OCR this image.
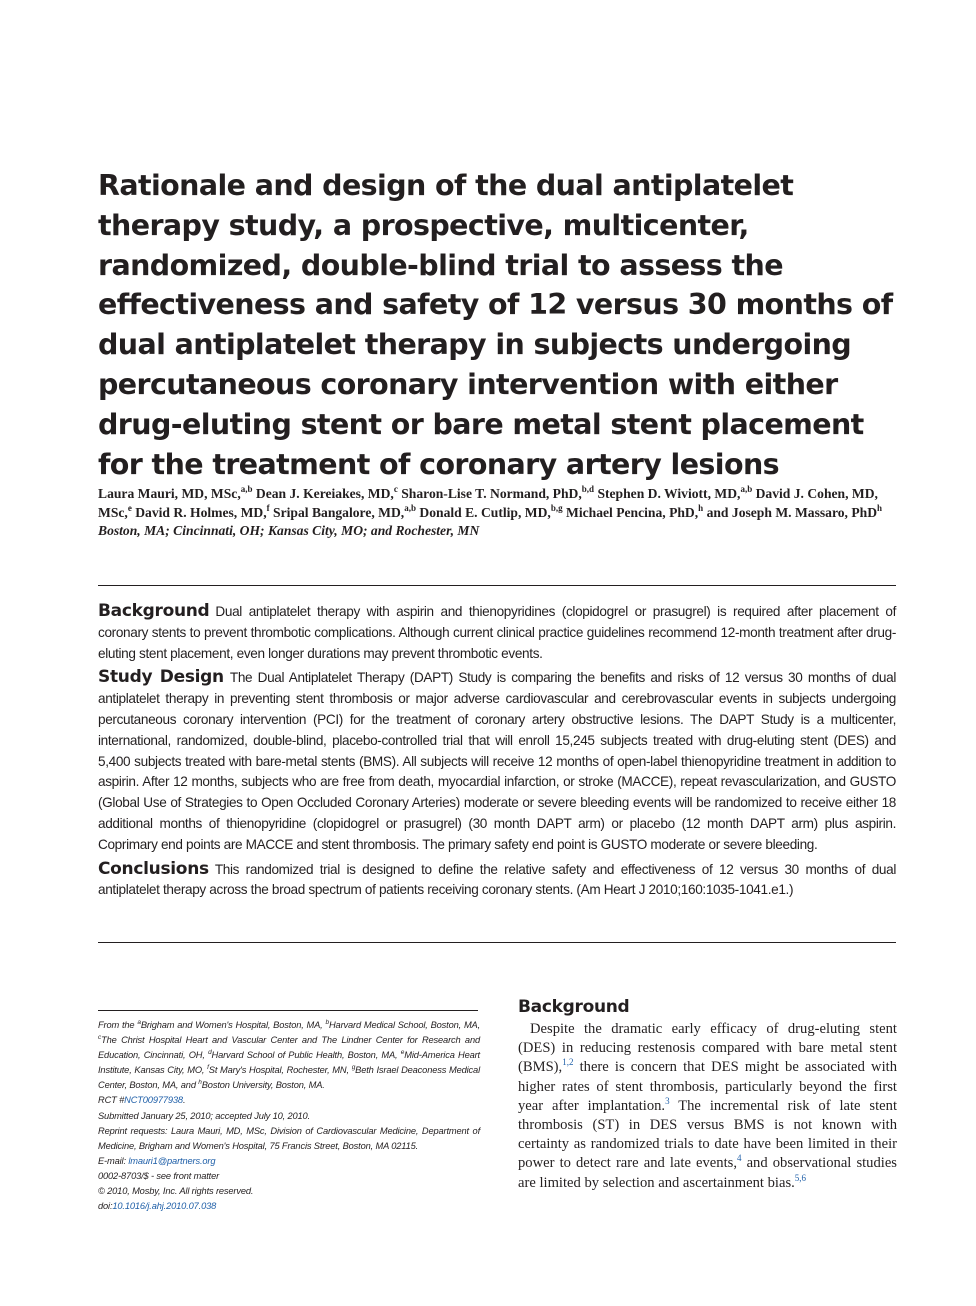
Rationale and design of the dual antiplatelet therapy study, a prospective, multicenter, randomized, double-blind trial to assess the effectiveness and safety of 12 versus 30 months of dual antiplatelet therapy in subjects undergoing percutaneous coronary intervention with either drug-eluting stent or bare metal stent placement for the treatment of coronary artery lesions
Laura Mauri, MD, MSc,$^{a,b}$ Dean J. Kereiakes, MD,$^c$ Sharon-Lise T. Normand, PhD,$^{b,d}$ Stephen D. Wiviott, MD,$^{a,b}$ David J. Cohen, MD, MSc,$^e$ David R. Holmes, MD,$^f$ Sripal Bangalore, MD,$^{a,b}$ Donald E. Cutlip, MD,$^{b,g}$ Michael Pencina, PhD,$^h$ and Joseph M. Massaro, PhD$^h$ Boston, MA; Cincinnati, OH; Kansas City, MO; and Rochester, MN

Background Dual antiplatelet therapy with aspirin and thienopyridines (clopidogrel or prasugrel) is required after placement of coronary stents to prevent thrombotic complications. Although current clinical practice guidelines recommend 12-month treatment after drug-eluting stent placement, even longer durations may prevent thrombotic events.

Study Design The Dual Antiplatelet Therapy (DAPT) Study is comparing the benefits and risks of 12 versus 30 months of dual antiplatelet therapy in preventing stent thrombosis or major adverse cardiovascular and cerebrovascular events in subjects undergoing percutaneous coronary intervention (PCI) for the treatment of coronary artery obstructive lesions. The DAPT Study is a multicenter, international, randomized, double-blind, placebo-controlled trial that will enroll 15,245 subjects treated with drug-eluting stent (DES) and 5,400 subjects treated with bare-metal stents (BMS). All subjects will receive 12 months of open-label thienopyridine treatment in addition to aspirin. After 12 months, subjects who are free from death, myocardial infarction, or stroke (MACCE), repeat revascularization, and GUSTO (Global Use of Strategies to Open Occluded Coronary Arteries) moderate or severe bleeding events will be randomized to receive either 18 additional months of thienopyridine (clopidogrel or prasugrel) (30 month DAPT arm) or placebo (12 month DAPT arm) plus aspirin. Coprimary end points are MACCE and stent thrombosis. The primary safety end point is GUSTO moderate or severe bleeding.

Conclusions This randomized trial is designed to define the relative safety and effectiveness of 12 versus 30 months of dual antiplatelet therapy across the broad spectrum of patients receiving coronary stents. (Am Heart J 2010;160:1035-1041.e1.)

From the $^a$Brigham and Women's Hospital, Boston, MA, $^b$Harvard Medical School, Boston, MA, $^c$The Christ Hospital Heart and Vascular Center and The Lindner Center for Research and Education, Cincinnati, OH, $^d$Harvard School of Public Health, Boston, MA, $^e$Mid-America Heart Institute, Kansas City, MO, $^f$St Mary's Hospital, Rochester, MN, $^g$Beth Israel Deaconess Medical Center, Boston, MA, and $^h$Boston University, Boston, MA.

RCT #NCT00977938.

Submitted January 25, 2010; accepted July 10, 2010.

Reprint requests: Laura Mauri, MD, MSc, Division of Cardiovascular Medicine, Department of Medicine, Brigham and Women's Hospital, 75 Francis Street, Boston, MA 02115.

E-mail: lmauri1@partners.org

0002-8703/$ - see front matter

© 2010, Mosby, Inc. All rights reserved.

doi:10.1016/j.ahj.2010.07.038

Background

Despite the dramatic early efficacy of drug-eluting stent (DES) in reducing restenosis compared with bare metal stent (BMS),$^{1,2}$ there is concern that DES might be associated with higher rates of stent thrombosis, particularly beyond the first year after implantation.$^3$ The incremental risk of late stent thrombosis (ST) in DES versus BMS is not known with certainty as randomized trials to date have been limited in their power to detect rare and late events,$^4$ and observational studies are limited by selection and ascertainment bias.$^{5,6}$
